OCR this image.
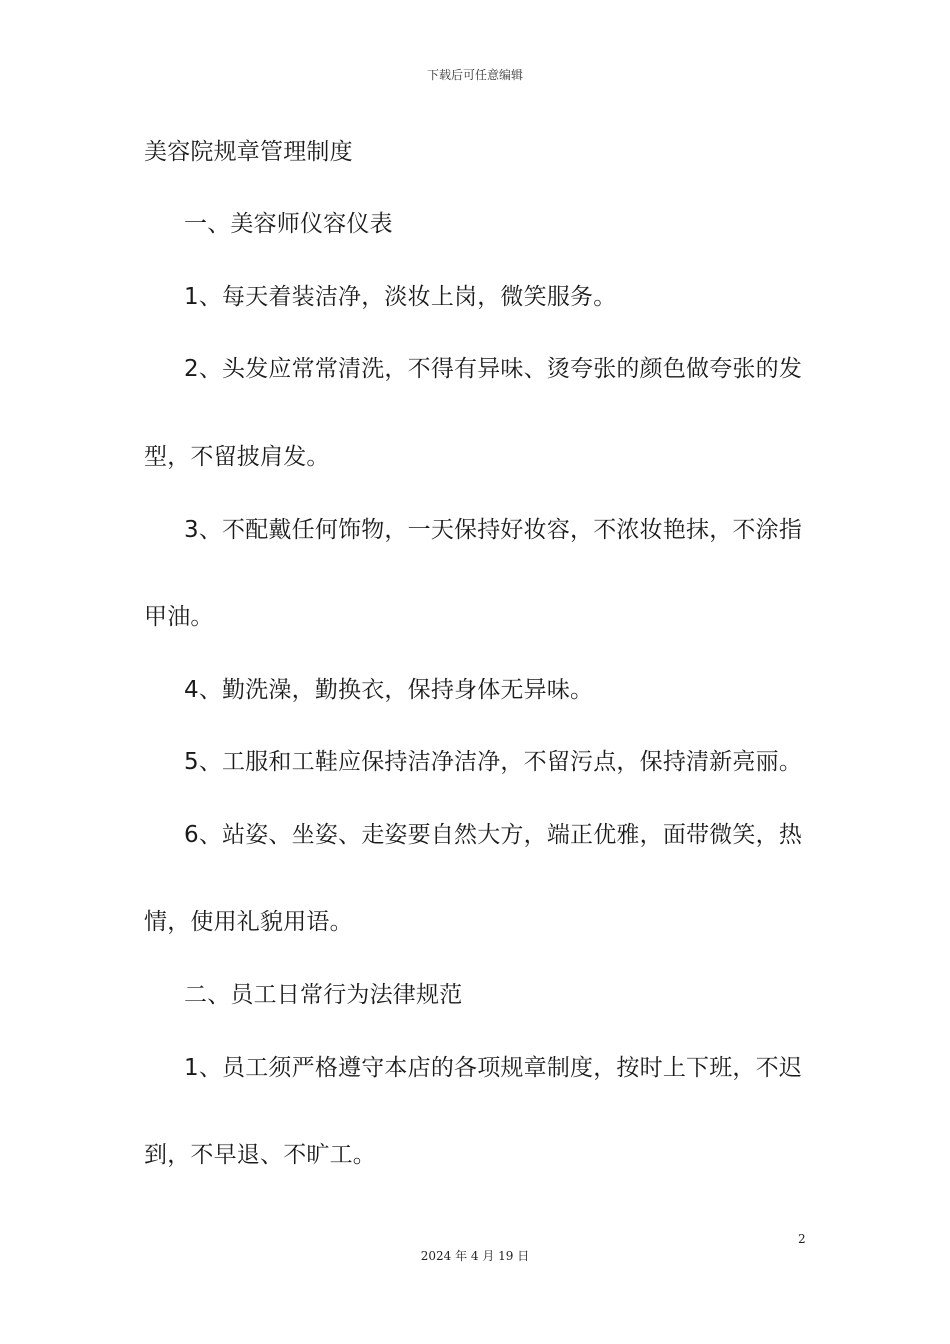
下载后可任意编辑
美容院规章管理制度
一、美容师仪容仪表
1、每天着装洁净，淡妆上岗，微笑服务。
2、头发应常常清洗，不得有异味、烫夸张的颜色做夸张的发
型，不留披肩发。
3、不配戴任何饰物，一天保持好妆容，不浓妆艳抹，不涂指
甲油。
4、勤洗澡，勤换衣，保持身体无异味。
5、工服和工鞋应保持洁净洁净，不留污点，保持清新亮丽。
6、站姿、坐姿、走姿要自然大方，端正优雅，面带微笑，热
情，使用礼貌用语。
二、员工日常行为法律规范
1、员工须严格遵守本店的各项规章制度，按时上下班，不迟
到，不早退、不旷工。
2
2024 年 4 月 19 日
